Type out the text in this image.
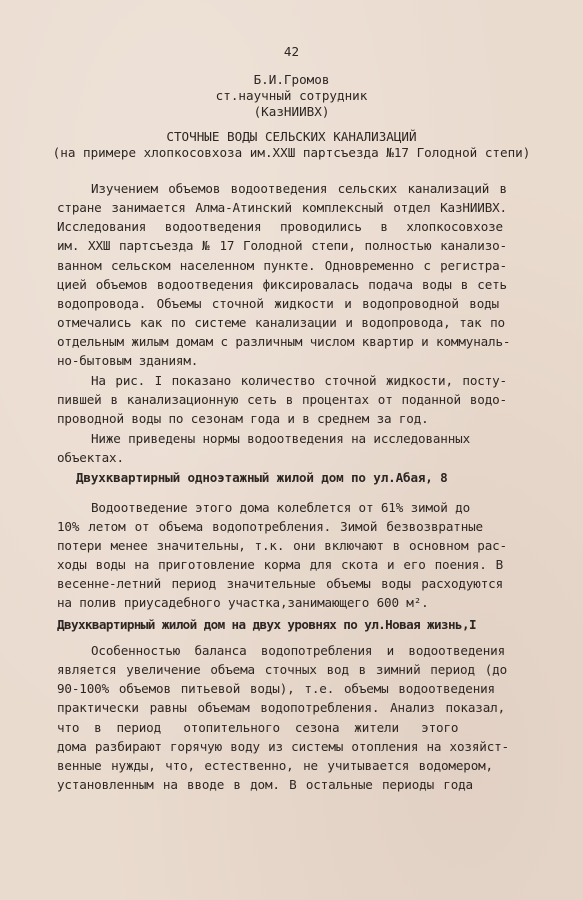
42
Б.И.Громов
ст.научный сотрудник
(КазНИИВХ)
СТОЧНЫЕ ВОДЫ СЕЛЬСКИХ КАНАЛИЗАЦИЙ
(на примере хлопкосовхоза им.ХХШ партсъезда №17 Голодной степи)
Изучением объемов водоотведения сельских канализаций в
стране занимается Алма-Атинский комплексный отдел КазНИИВХ.
Исследования водоотведения проводились в хлопкосовхозе
им. ХХШ партсъезда № 17 Голодной степи, полностью канализо-
ванном сельском населенном пункте. Одновременно с регистра-
цией объемов водоотведения фиксировалась подача воды в сеть
водопровода. Объемы сточной жидкости и водопроводной воды
отмечались как по системе канализации и водопровода, так по
отдельным жилым домам с различным числом квартир и коммуналь-
но-бытовым зданиям.
На рис. I показано количество сточной жидкости, посту-
пившей в канализационную сеть в процентах от поданной водо-
проводной воды по сезонам года и в среднем за год.
Ниже приведены нормы водоотведения на исследованных
объектах.
Двухквартирный одноэтажный жилой дом по ул.Абая, 8
Водоотведение этого дома колеблется от 61% зимой до
10% летом от объема водопотребления. Зимой безвозвратные
потери менее значительны, т.к. они включают в основном рас-
ходы воды на приготовление корма для скота и его поения. В
весенне-летний период значительные объемы воды расходуются
на полив приусадебного участка,занимающего 600 м².
Двухквартирный жилой дом на двух уровнях по ул.Новая жизнь,I
Особенностью баланса водопотребления и водоотведения
является увеличение объема сточных вод в зимний период (до
90-100% объемов питьевой воды), т.е. объемы водоотведения
практически равны объемам водопотребления. Анализ показал,
что  в  период   отопительного  сезона  жители   этого
дома разбирают горячую воду из системы отопления на хозяйст-
венные нужды, что, естественно, не учитывается водомером,
установленным на вводе в дом. В остальные периоды года
